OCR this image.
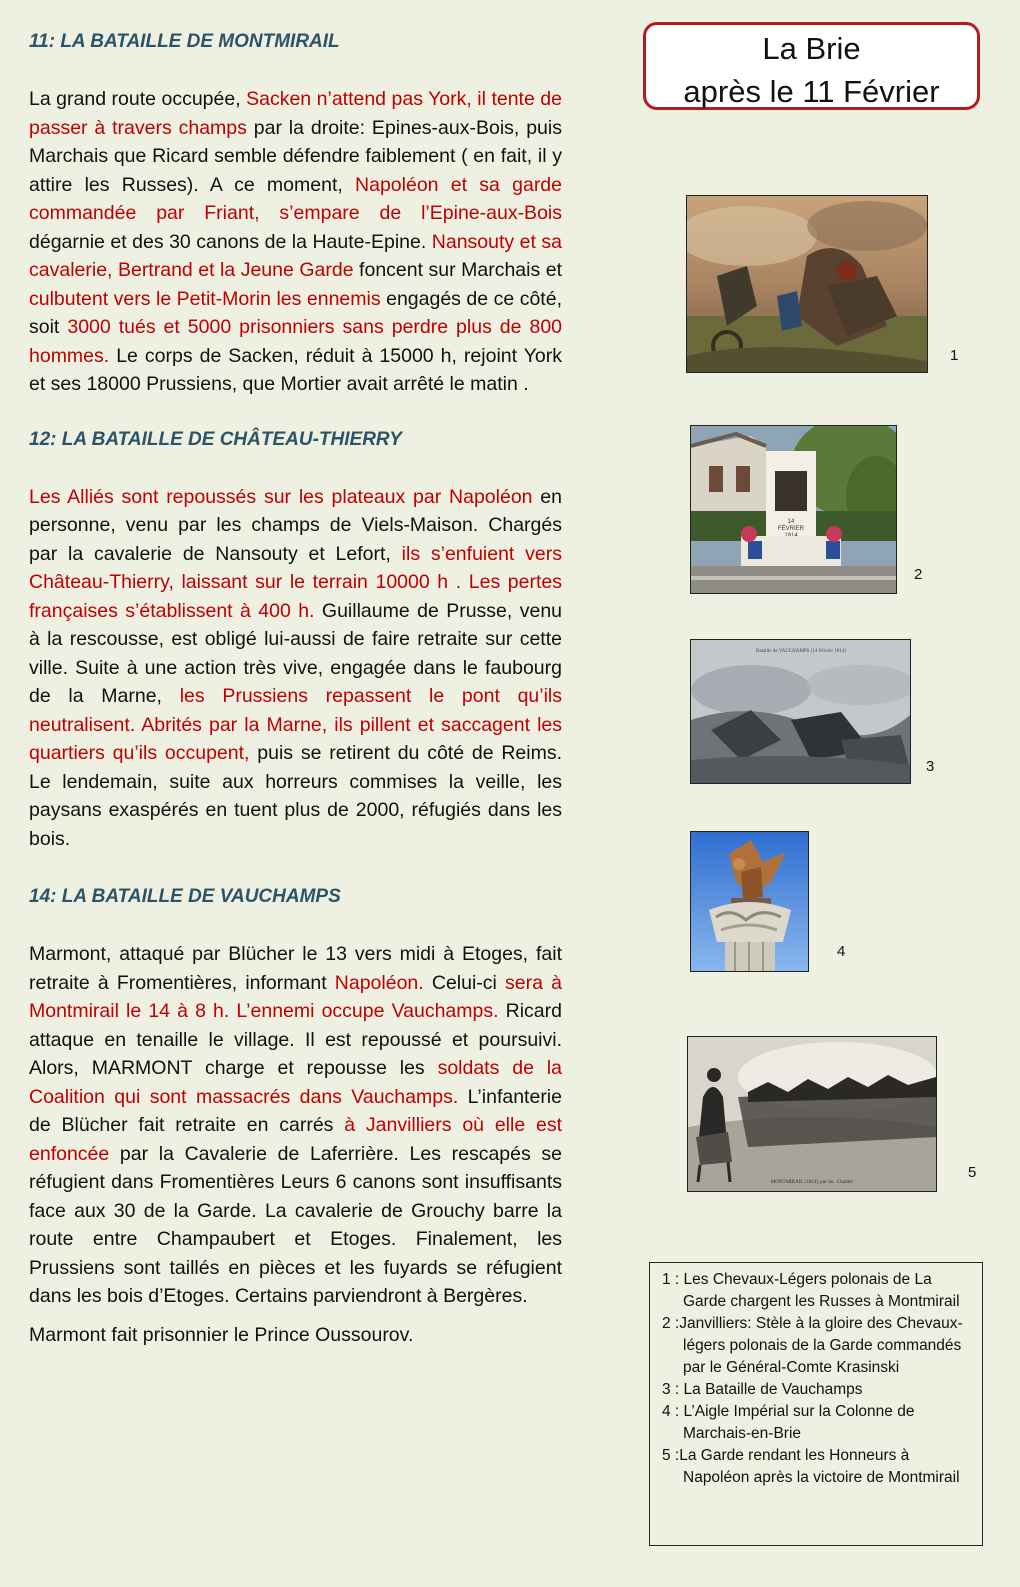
11: LA BATAILLE DE MONTMIRAIL

La grand route occupée, Sacken n’attend pas York, il tente de passer à travers champs par la droite: Epines-aux-Bois, puis Marchais que Ricard semble défendre faiblement ( en fait, il y attire les Russes). A ce moment, Napoléon et sa garde commandée par Friant, s’empare de l’Epine-aux-Bois dégarnie et des 30 canons de la Haute-Epine. Nansouty et sa cavalerie, Bertrand et la Jeune Garde foncent sur Marchais et culbutent vers le Petit-Morin les ennemis engagés de ce côté, soit 3000 tués et 5000 prisonniers sans perdre plus de 800 hommes. Le corps de Sacken, réduit à 15000 h, rejoint York et ses 18000 Prussiens, que Mortier avait arrêté le matin .

12: LA BATAILLE DE CHÂTEAU-THIERRY

Les Alliés sont repoussés sur les plateaux par Napoléon en personne, venu par les champs de Viels-Maison. Chargés par la cavalerie de Nansouty et Lefort, ils s’enfuient vers Château-Thierry, laissant sur le terrain 10000 h . Les pertes françaises s’établissent à 400 h. Guillaume de Prusse, venu à la rescousse, est obligé lui-aussi de faire retraite sur cette ville. Suite à une action très vive, engagée dans le faubourg de la Marne, les Prussiens repassent le pont qu’ils neutralisent. Abrités par la Marne, ils pillent et saccagent les quartiers qu’ils occupent, puis se retirent du côté de Reims. Le lendemain, suite aux horreurs commises la veille, les paysans exaspérés en tuent plus de 2000, réfugiés dans les bois.

14: LA BATAILLE DE VAUCHAMPS

Marmont, attaqué par Blücher le 13 vers midi à Etoges, fait retraite à Fromentières, informant Napoléon. Celui-ci sera à Montmirail le 14 à 8 h. L’ennemi occupe Vauchamps. Ricard attaque en tenaille le village. Il est repoussé et poursuivi. Alors, MARMONT charge et repousse les soldats de la Coalition qui sont massacrés dans Vauchamps. L’infanterie de Blücher fait retraite en carrés à Janvilliers où elle est enfoncée par la Cavalerie de Laferrière. Les rescapés se réfugient dans Fromentières Leurs 6 canons sont insuffisants face aux 30 de la Garde. La cavalerie de Grouchy barre la route entre Champaubert et Etoges. Finalement, les Prussiens sont taillés en pièces et les fuyards se réfugient dans les bois d’Etoges. Certains parviendront à Bergères.

Marmont fait prisonnier le Prince Oussourov.

La Brie
après le 11 Février
1
14
FÉVRIER
2
Bataille de VAUCHAMPS (14 Février 1814)
3
4
MONTMIRAIL (1814), par Jac. Chartier
5
1 : Les Chevaux-Légers polonais de La Garde chargent les Russes à Montmirail
2 :Janvilliers: Stèle à la gloire des Chevaux-légers polonais de la Garde commandés par le Général-Comte Krasinski
3 : La Bataille de Vauchamps
4 : L’Aigle Impérial sur la Colonne de Marchais-en-Brie
5 :La Garde rendant les Honneurs à Napoléon après la victoire de Montmirail
